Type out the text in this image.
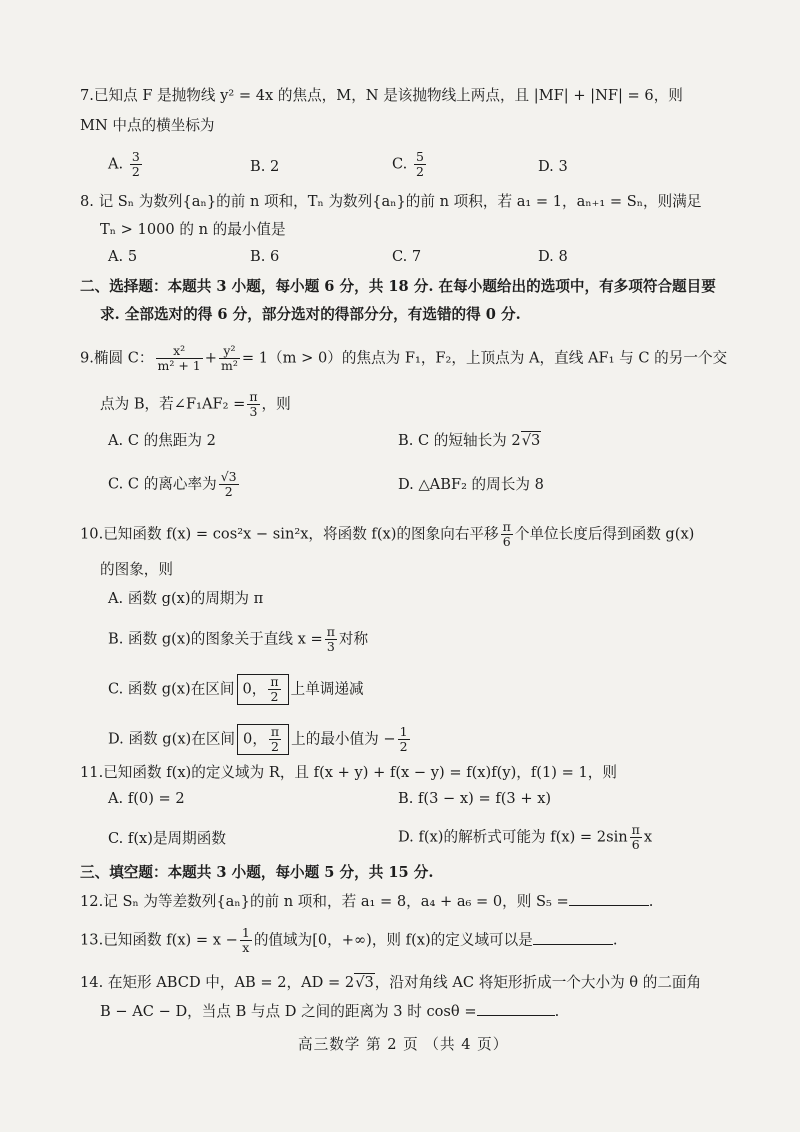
7.已知点 F 是抛物线 y² = 4x 的焦点，M，N 是该抛物线上两点，且 |MF| + |NF| = 6，则
MN 中点的横坐标为
A. $\frac{3}{2}$	B. 2	C. $\frac{5}{2}$	D. 3
8. 记 Sₙ 为数列{aₙ}的前 n 项和，Tₙ 为数列{aₙ}的前 n 项积，若 a₁ = 1，aₙ₊₁ = Sₙ，则满足
Tₙ > 1000 的 n 的最小值是
A. 5	B. 6	C. 7	D. 8
二、选择题：本题共 3 小题，每小题 6 分，共 18 分. 在每小题给出的选项中，有多项符合题目要
求. 全部选对的得 6 分，部分选对的得部分分，有选错的得 0 分.
9.椭圆 C： $\frac{\text{x²}}{\text{m² + 1}} + \frac{\text{y²}}{\text{m²}} = 1(m > 0)$的焦点为 F₁，F₂，上顶点为 A，直线 AF₁ 与 C 的另一个交
点为 B，若∠F₁AF₂ = $\frac{\pi}{3}$ ，则
A. C 的焦距为 2	B. C 的短轴长为 2√3
C. C 的离心率为 $\frac{√3}{2}$	D. △ABF₂ 的周长为 8
10.已知函数 f(x) = cos²x − sin²x，将函数 f(x)的图象向右平移 $\frac{\pi}{6}$ 个单位长度后得到函数 g(x)
的图象，则
A. 函数 g(x)的周期为 π
B. 函数 g(x)的图象关于直线 $x = \frac{\pi}{3}$ 对称
C. 函数 g(x)在区间 0， $\frac{\pi}{2}$ 上单调递减
D. 函数 g(x)在区间 0， $\frac{\pi}{2}$ 上的最小值为 − $\frac{1}{2}$
11.已知函数 f(x)的定义域为 R，且 f(x + y) + f(x − y) = f(x)f(y)，f(1) = 1，则
A. f(0) = 2	B. f(3 − x) = f(3 + x)
C. f(x)是周期函数	D. f(x)的解析式可能为 $f(x) = 2\sin \frac{\pi}{6}$ x
三、填空题：本题共 3 小题，每小题 5 分，共 15 分.
12.记 Sₙ 为等差数列{aₙ}的前 n 项和，若 a₁ = 8，a₄ + a₆ = 0，则 S₅ =	.
13.已知函数 $f(x) = x - \frac{1}{x}$ 的值域为[0，+∞)，则 f(x)的定义域可以是	.
14. 在矩形 ABCD 中，AB = 2，AD = 2√3，沿对角线 AC 将矩形折成一个大小为 θ 的二面角
B − AC − D，当点 B 与点 D 之间的距离为 3 时 cosθ =	.
高三数学 第 2 页 （共 4 页）
